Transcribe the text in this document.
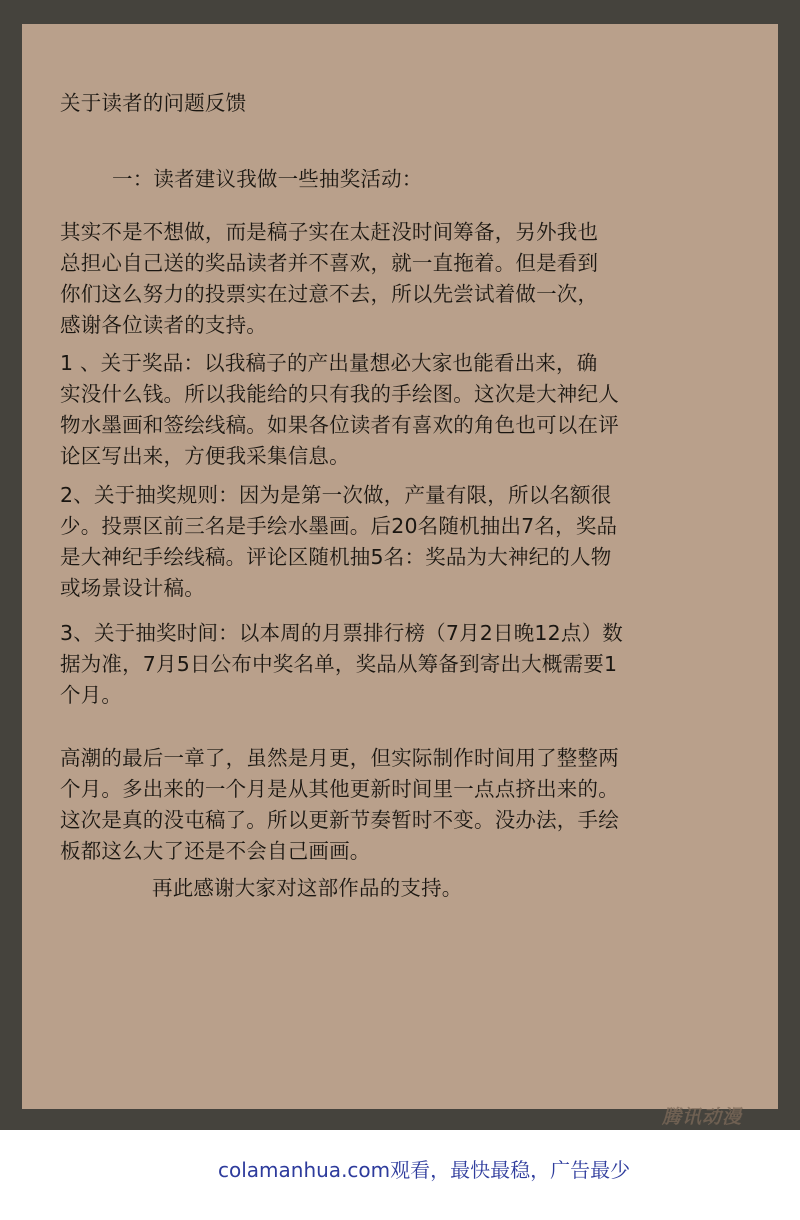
关于读者的问题反馈

一：读者建议我做一些抽奖活动：

其实不是不想做，而是稿子实在太赶没时间筹备，另外我也
总担心自己送的奖品读者并不喜欢，就一直拖着。但是看到
你们这么努力的投票实在过意不去，所以先尝试着做一次，
感谢各位读者的支持。

1 、关于奖品：以我稿子的产出量想必大家也能看出来，确
实没什么钱。所以我能给的只有我的手绘图。这次是大神纪人
物水墨画和签绘线稿。如果各位读者有喜欢的角色也可以在评
论区写出来，方便我采集信息。

2、关于抽奖规则：因为是第一次做，产量有限，所以名额很
少。投票区前三名是手绘水墨画。后20名随机抽出7名，奖品
是大神纪手绘线稿。评论区随机抽5名：奖品为大神纪的人物
或场景设计稿。

3、关于抽奖时间：以本周的月票排行榜（7月2日晚12点）数
据为准，7月5日公布中奖名单，奖品从筹备到寄出大概需要1
个月。

高潮的最后一章了，虽然是月更，但实际制作时间用了整整两
个月。多出来的一个月是从其他更新时间里一点点挤出来的。
这次是真的没屯稿了。所以更新节奏暂时不变。没办法，手绘
板都这么大了还是不会自己画画。

再此感谢大家对这部作品的支持。

腾讯动漫
colamanhua.com观看，最快最稳，广告最少
